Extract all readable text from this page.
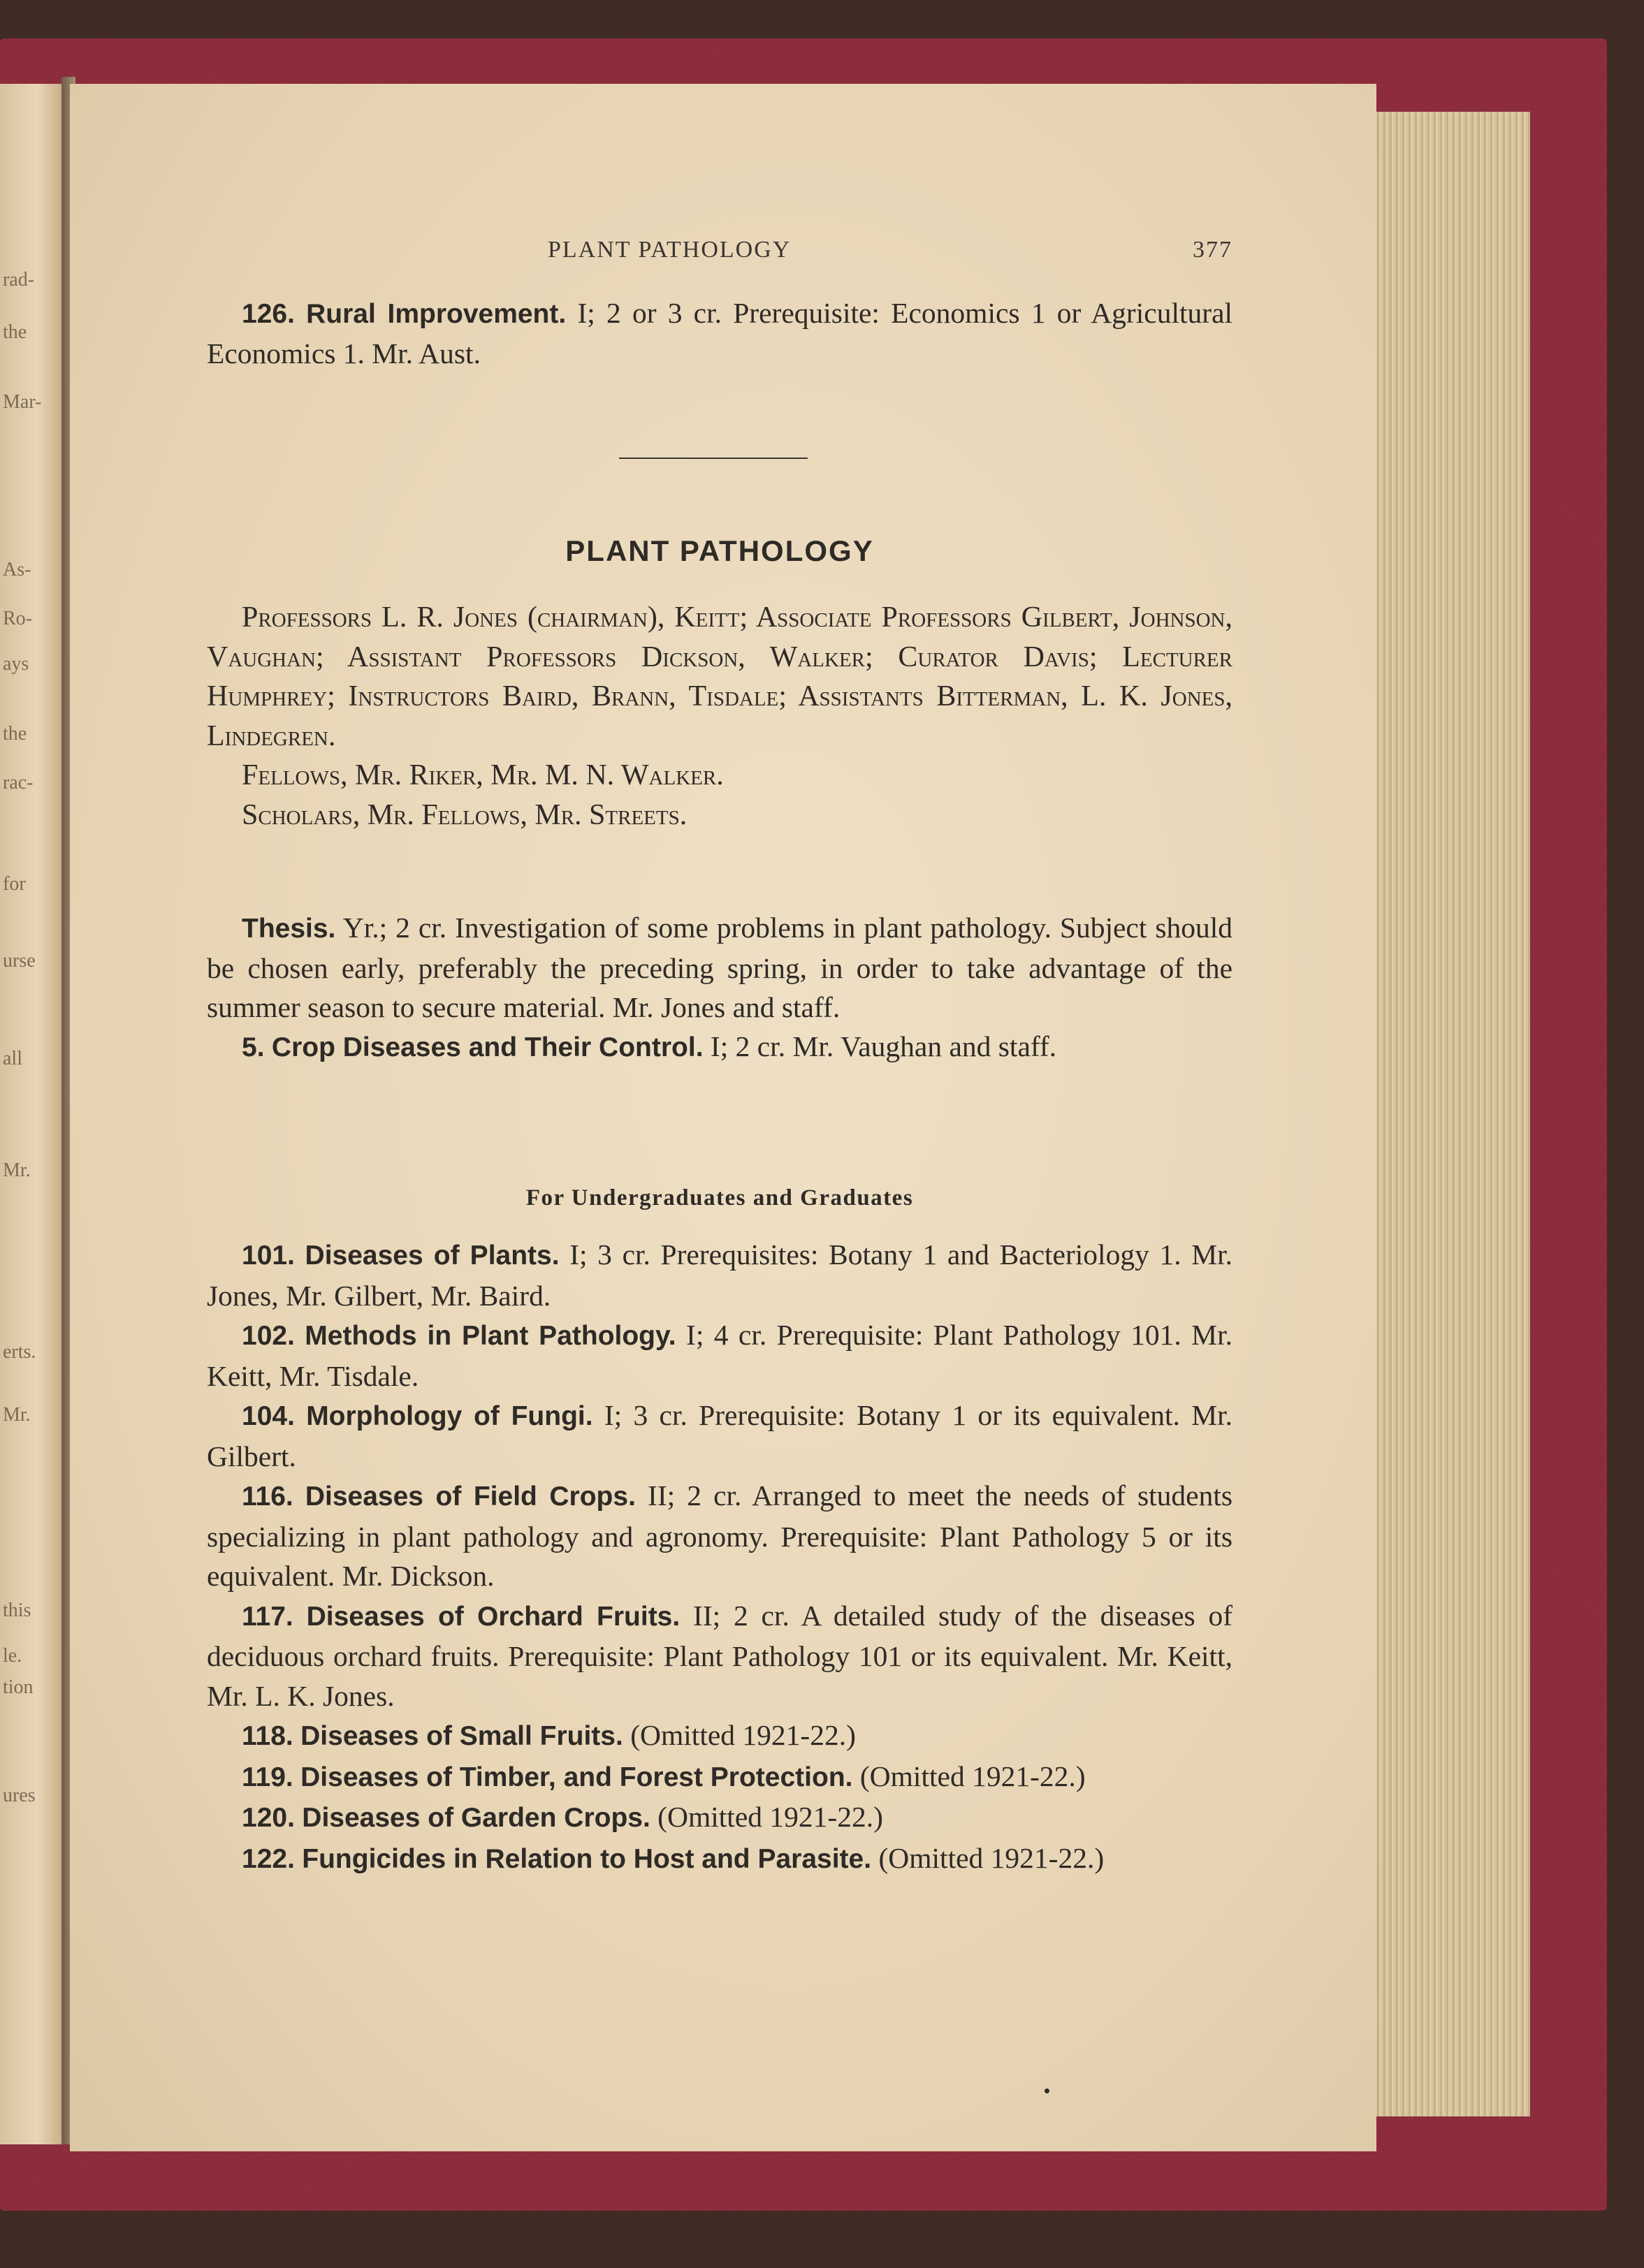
rad-
the
Mar-
As-
Ro-
ays
the
rac-
for
urse
all
Mr.
erts.
Mr.
this
le.
tion
ures
PLANT PATHOLOGY	377

126. Rural Improvement. I; 2 or 3 cr. Prerequisite: Economics 1 or Agricultural Economics 1. Mr. Aust.

PLANT PATHOLOGY

Professors L. R. Jones (chairman), Keitt; Associate Professors Gilbert, Johnson, Vaughan; Assistant Professors Dickson, Walker; Curator Davis; Lecturer Humphrey; Instructors Baird, Brann, Tisdale; Assistants Bitterman, L. K. Jones, Lindegren.

Fellows, Mr. Riker, Mr. M. N. Walker.

Scholars, Mr. Fellows, Mr. Streets.

Thesis. Yr.; 2 cr. Investigation of some problems in plant pathology. Subject should be chosen early, preferably the preceding spring, in order to take advantage of the summer season to secure material. Mr. Jones and staff.

5. Crop Diseases and Their Control. I; 2 cr. Mr. Vaughan and staff.

For Undergraduates and Graduates

101. Diseases of Plants. I; 3 cr. Prerequisites: Botany 1 and Bacteriology 1. Mr. Jones, Mr. Gilbert, Mr. Baird.

102. Methods in Plant Pathology. I; 4 cr. Prerequisite: Plant Pathology 101. Mr. Keitt, Mr. Tisdale.

104. Morphology of Fungi. I; 3 cr. Prerequisite: Botany 1 or its equivalent. Mr. Gilbert.

116. Diseases of Field Crops. II; 2 cr. Arranged to meet the needs of students specializing in plant pathology and agronomy. Prerequisite: Plant Pathology 5 or its equivalent. Mr. Dickson.

117. Diseases of Orchard Fruits. II; 2 cr. A detailed study of the diseases of deciduous orchard fruits. Prerequisite: Plant Pathology 101 or its equivalent. Mr. Keitt, Mr. L. K. Jones.

118. Diseases of Small Fruits. (Omitted 1921-22.)

119. Diseases of Timber, and Forest Protection. (Omitted 1921-22.)

120. Diseases of Garden Crops. (Omitted 1921-22.)

122. Fungicides in Relation to Host and Parasite. (Omitted 1921-22.)
